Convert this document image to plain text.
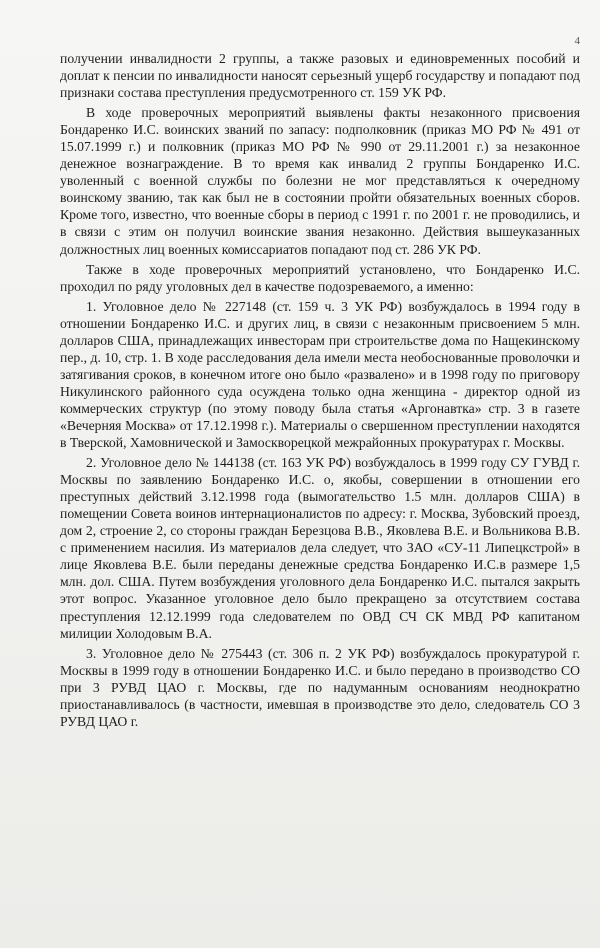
4

получении инвалидности 2 группы, а также разовых и единовременных пособий и доплат к пенсии по инвалидности наносят серьезный ущерб государству и попадают под признаки состава преступления предусмотренного ст. 159 УК РФ.

В ходе проверочных мероприятий выявлены факты незаконного присвоения Бондаренко И.С. воинских званий по запасу: подполковник (приказ МО РФ № 491 от 15.07.1999 г.) и полковник (приказ МО РФ № 990 от 29.11.2001 г.) за незаконное денежное вознаграждение. В то время как инвалид 2 группы Бондаренко И.С. уволенный с военной службы по болезни не мог представляться к очередному воинскому званию, так как был не в состоянии пройти обязательных военных сборов. Кроме того, известно, что военные сборы в период с 1991 г. по 2001 г. не проводились, и в связи с этим он получил воинские звания незаконно. Действия вышеуказанных должностных лиц военных комиссариатов попадают под ст. 286 УК РФ.

Также в ходе проверочных мероприятий установлено, что Бондаренко И.С. проходил по ряду уголовных дел в качестве подозреваемого, а именно:

1. Уголовное дело № 227148 (ст. 159 ч. 3 УК РФ) возбуждалось в 1994 году в отношении Бондаренко И.С. и других лиц, в связи с незаконным присвоением 5 млн. долларов США, принадлежащих инвесторам при строительстве дома по Нащекинскому пер., д. 10, стр. 1. В ходе расследования дела имели места необоснованные проволочки и затягивания сроков, в конечном итоге оно было «развалено» и в 1998 году по приговору Никулинского районного суда осуждена только одна женщина - директор одной из коммерческих структур (по этому поводу была статья «Аргонавтка» стр. 3 в газете «Вечерняя Москва» от 17.12.1998 г.). Материалы о свершенном преступлении находятся в Тверской, Хамовнической и Замоскворецкой межрайонных прокуратурах г. Москвы.

2. Уголовное дело № 144138 (ст. 163 УК РФ) возбуждалось в 1999 году СУ ГУВД г. Москвы по заявлению Бондаренко И.С. о, якобы, совершении в отношении его преступных действий 3.12.1998 года (вымогательство 1.5 млн. долларов США) в помещении Совета воинов интернационалистов по адресу: г. Москва, Зубовский проезд, дом 2, строение 2, со стороны граждан Березцова В.В., Яковлева В.Е. и Вольникова В.В. с применением насилия. Из материалов дела следует, что ЗАО «СУ-11 Липецкстрой» в лице Яковлева В.Е. были переданы денежные средства Бондаренко И.С.в размере 1,5 млн. дол. США. Путем возбуждения уголовного дела Бондаренко И.С. пытался закрыть этот вопрос. Указанное уголовное дело было прекращено за отсутствием состава преступления 12.12.1999 года следователем по ОВД СЧ СК МВД РФ капитаном милиции Холодовым В.А.

3. Уголовное дело № 275443 (ст. 306 п. 2 УК РФ) возбуждалось прокуратурой г. Москвы в 1999 году в отношении Бондаренко И.С. и было передано в производство СО при 3 РУВД ЦАО г. Москвы, где по надуманным основаниям неоднократно приостанавливалось (в частности, имевшая в производстве это дело, следователь СО 3 РУВД ЦАО г.
